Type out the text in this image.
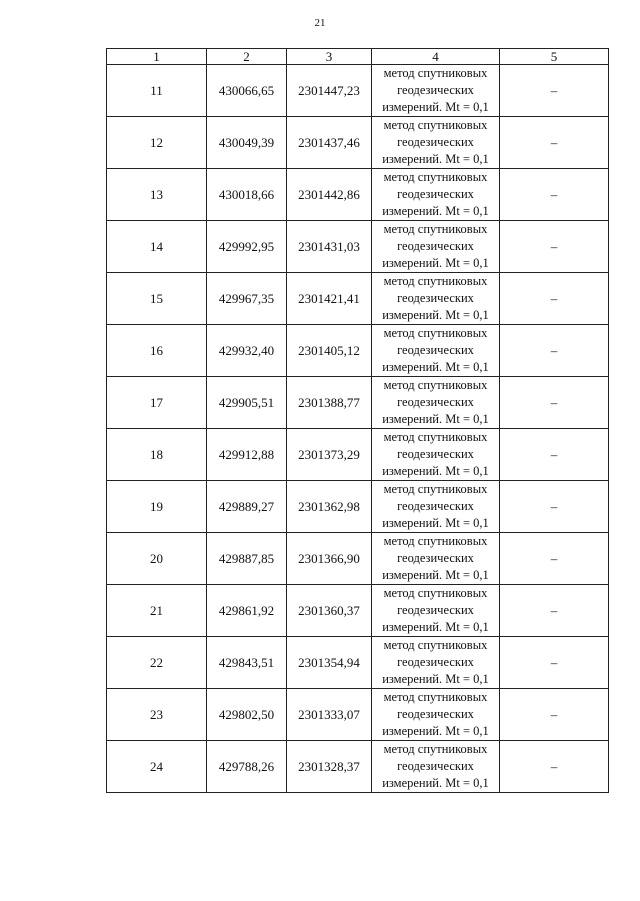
21
1	2	3	4	5
11	430066,65	2301447,23	метод спутниковых
геодезических
измерений. Mt = 0,1	–
12	430049,39	2301437,46	метод спутниковых
геодезических
измерений. Mt = 0,1	–
13	430018,66	2301442,86	метод спутниковых
геодезических
измерений. Mt = 0,1	–
14	429992,95	2301431,03	метод спутниковых
геодезических
измерений. Mt = 0,1	–
15	429967,35	2301421,41	метод спутниковых
геодезических
измерений. Mt = 0,1	–
16	429932,40	2301405,12	метод спутниковых
геодезических
измерений. Mt = 0,1	–
17	429905,51	2301388,77	метод спутниковых
геодезических
измерений. Mt = 0,1	–
18	429912,88	2301373,29	метод спутниковых
геодезических
измерений. Mt = 0,1	–
19	429889,27	2301362,98	метод спутниковых
геодезических
измерений. Mt = 0,1	–
20	429887,85	2301366,90	метод спутниковых
геодезических
измерений. Mt = 0,1	–
21	429861,92	2301360,37	метод спутниковых
геодезических
измерений. Mt = 0,1	–
22	429843,51	2301354,94	метод спутниковых
геодезических
измерений. Mt = 0,1	–
23	429802,50	2301333,07	метод спутниковых
геодезических
измерений. Mt = 0,1	–
24	429788,26	2301328,37	метод спутниковых
геодезических
измерений. Mt = 0,1	–
